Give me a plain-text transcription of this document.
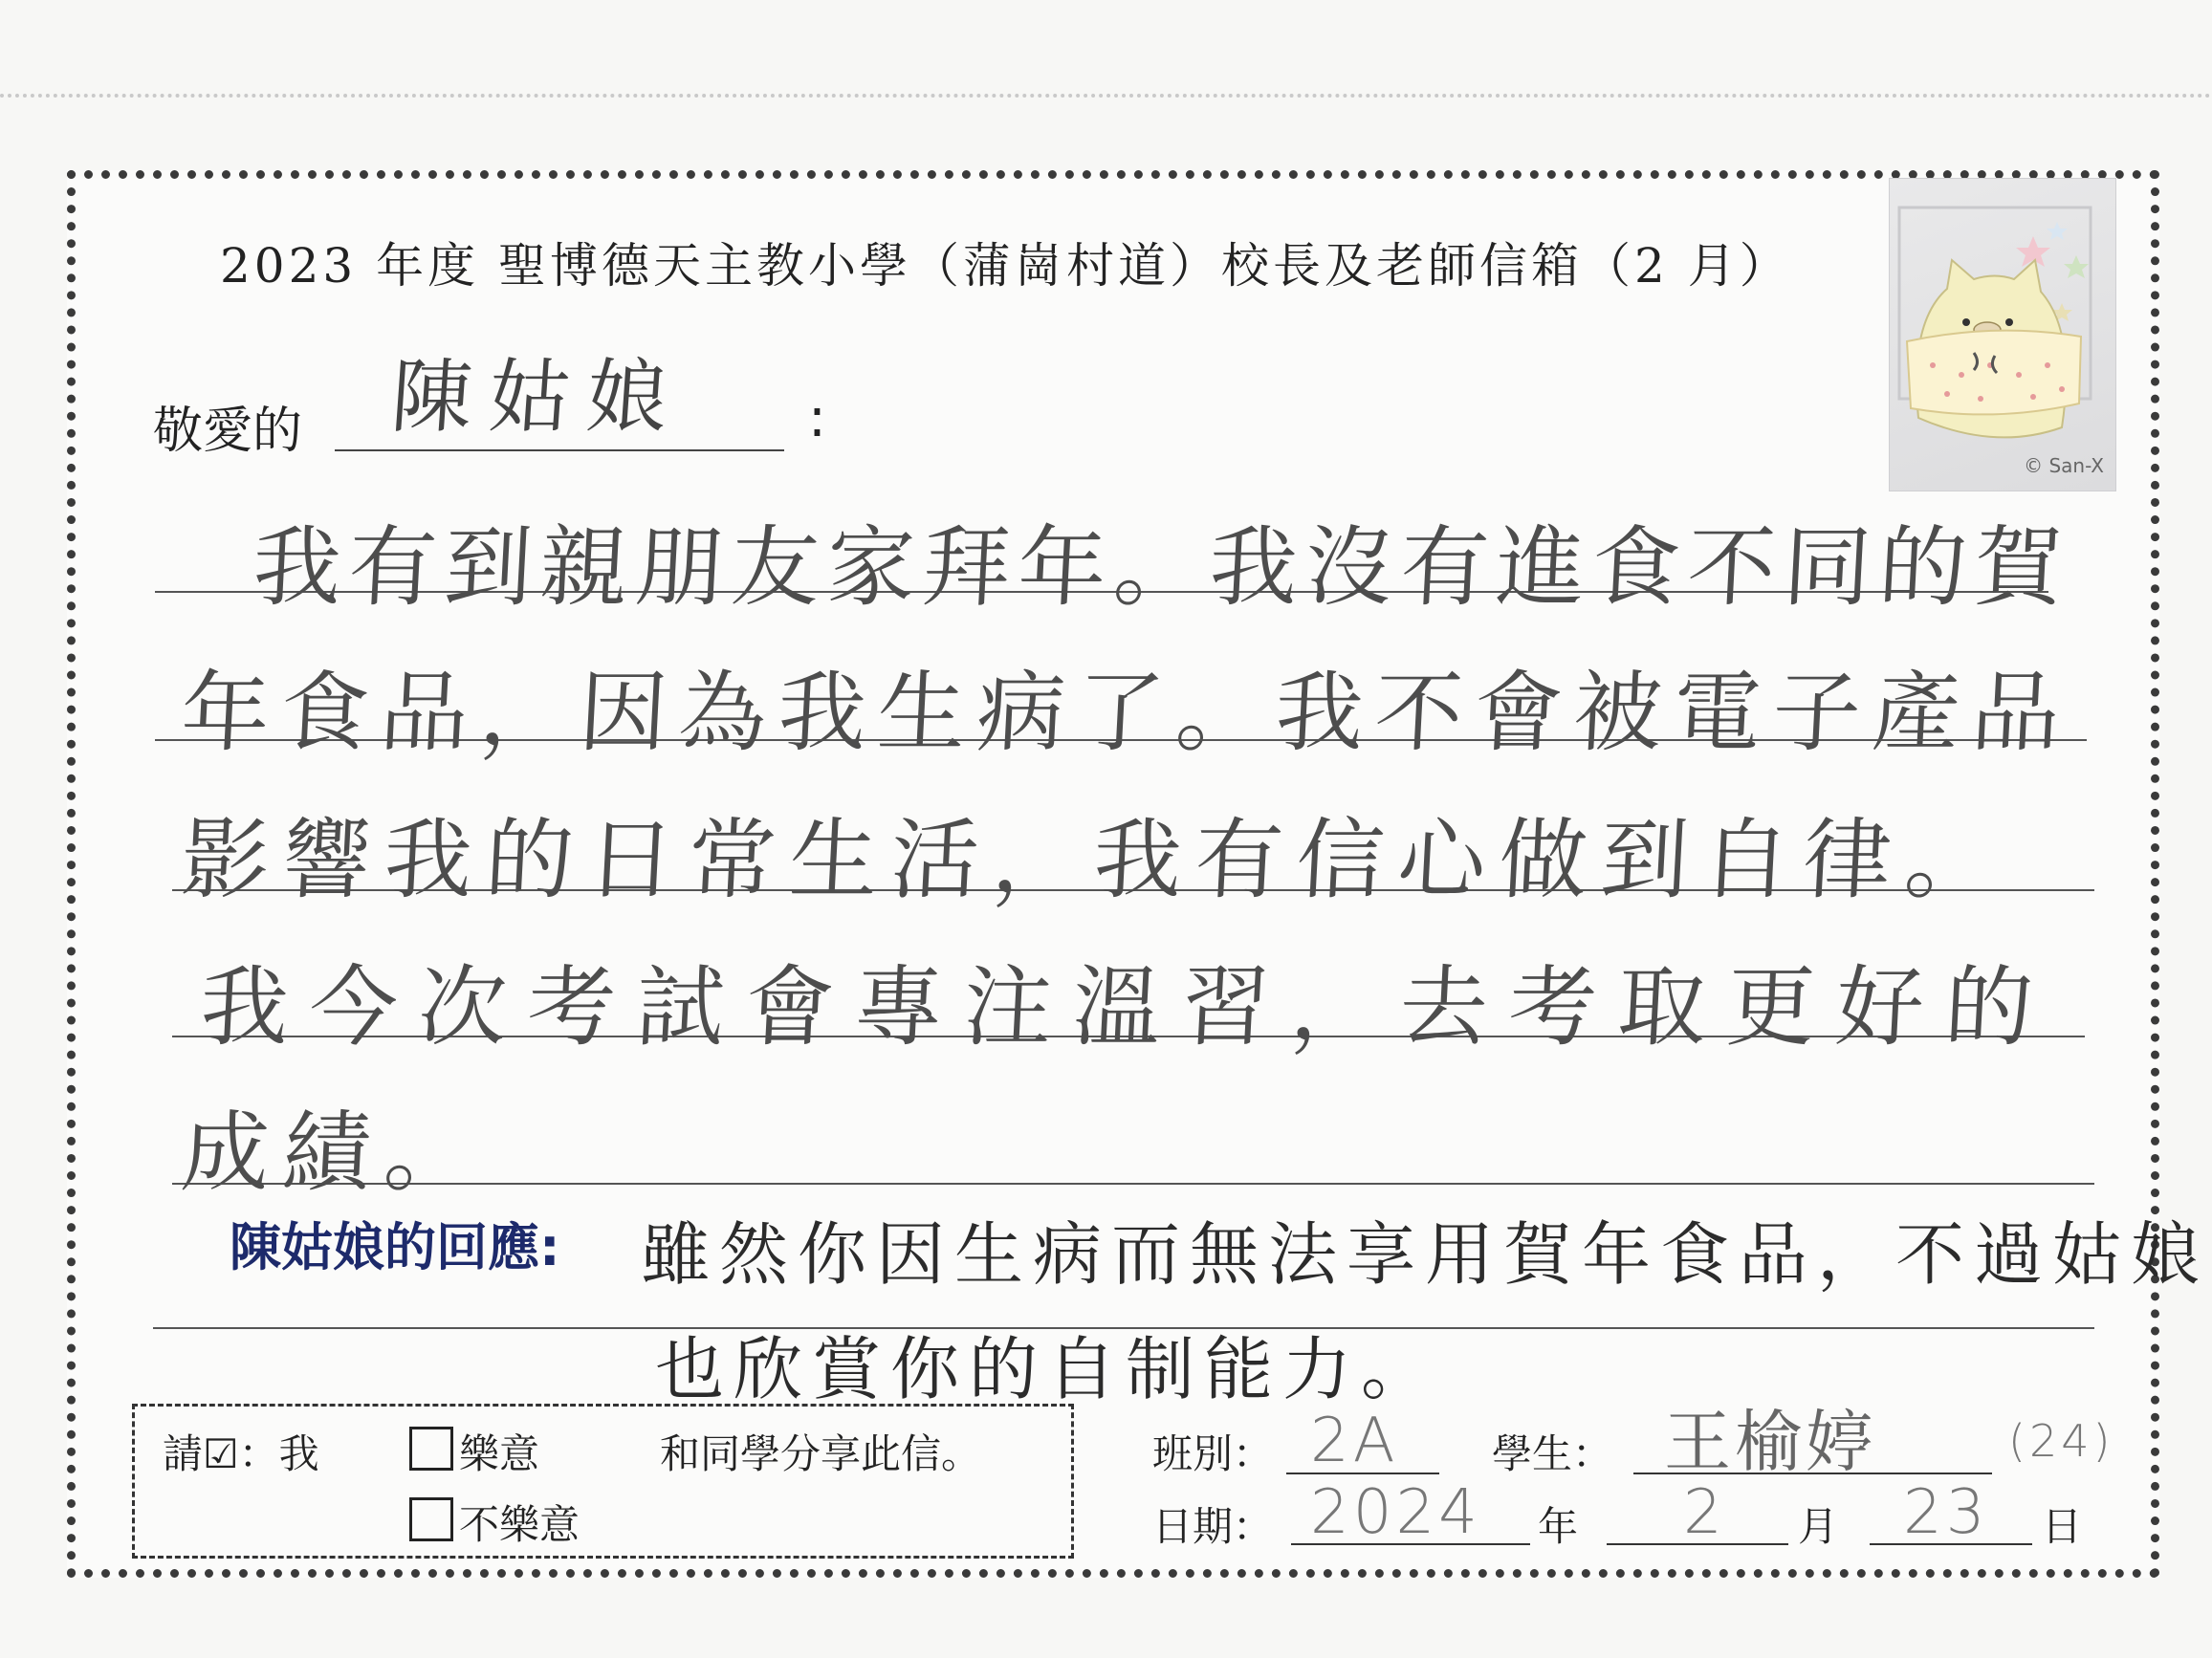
2023 年度 聖博德天主教小學（蒲崗村道）校長及老師信箱（2 月）
© San-X
敬愛的 陳姑娘 :
我有到親朋友家拜年。我沒有進食不同的賀
年食品，因為我生病了。我不會被電子產品
影響我的日常生活，我有信心做到自律。
我今次考試會專注溫習，去考取更好的
成績。
陳姑娘的回應: 雖然你因生病而無法享用賀年食品，不過姑娘
也欣賞你的自制能力。
請☑：我	樂意	和同學分享此信。
不樂意
班別： 2A 學生： 王榆婷	(24)
日期： 2024 年 2 月 23 日
